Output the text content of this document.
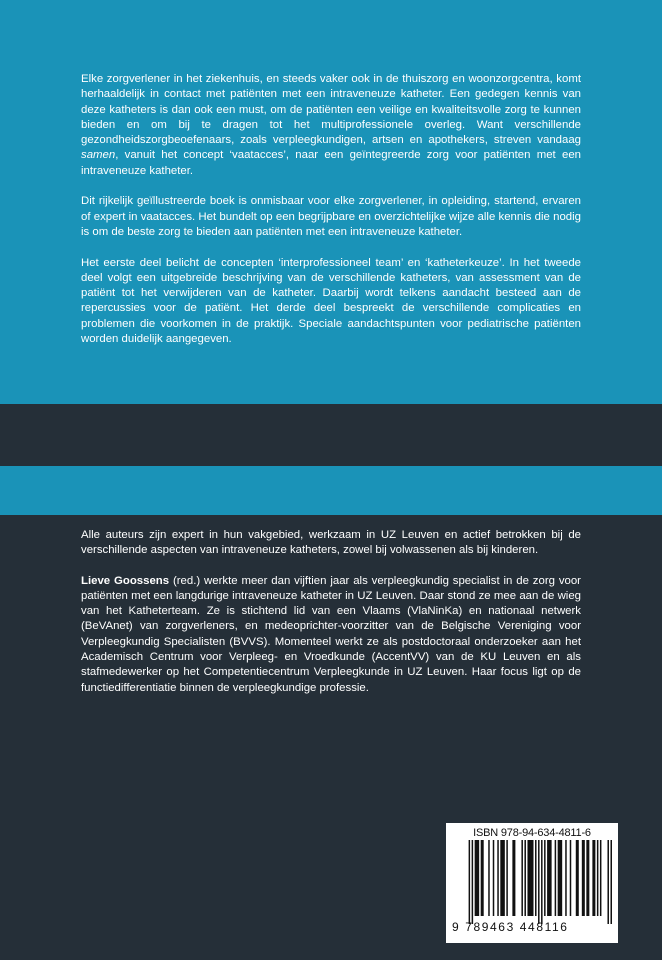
Elke zorgverlener in het ziekenhuis, en steeds vaker ook in de thuiszorg en woonzorgcentra, komt herhaaldelijk in contact met patiënten met een intraveneuze katheter. Een gedegen kennis van deze katheters is dan ook een must, om de patiënten een veilige en kwaliteitsvolle zorg te kunnen bieden en om bij te dragen tot het multiprofessionele overleg. Want verschillende gezondheidszorgbeoefenaars, zoals verpleegkundigen, artsen en apothekers, streven vandaag samen, vanuit het concept ‘vaatacces’, naar een geïntegreerde zorg voor patiënten met een intraveneuze katheter.

Dit rijkelijk geïllustreerde boek is onmisbaar voor elke zorgverlener, in opleiding, startend, ervaren of expert in vaatacces. Het bundelt op een begrijpbare en overzichtelijke wijze alle kennis die nodig is om de beste zorg te bieden aan patiënten met een intraveneuze katheter.

Het eerste deel belicht de concepten ‘interprofessioneel team’ en ‘katheterkeuze’. In het tweede deel volgt een uitgebreide beschrijving van de verschillende katheters, van assessment van de patiënt tot het verwijderen van de katheter. Daarbij wordt telkens aandacht besteed aan de repercussies voor de patiënt. Het derde deel bespreekt de verschillende complicaties en problemen die voorkomen in de praktijk. Speciale aandachtspunten voor pediatrische patiënten worden duidelijk aangegeven.

Alle auteurs zijn expert in hun vakgebied, werkzaam in UZ Leuven en actief betrokken bij de verschillende aspecten van intraveneuze katheters, zowel bij volwassenen als bij kinderen.

Lieve Goossens (red.) werkte meer dan vijftien jaar als verpleegkundig specialist in de zorg voor patiënten met een langdurige intraveneuze katheter in UZ Leuven. Daar stond ze mee aan de wieg van het Katheterteam. Ze is stichtend lid van een Vlaams (VlaNinKa) en nationaal netwerk (BeVAnet) van zorgverleners, en medeoprichter-voorzitter van de Belgische Vereniging voor Verpleegkundig Specialisten (BVVS). Momenteel werkt ze als postdoctoraal onderzoeker aan het Academisch Centrum voor Verpleeg- en Vroedkunde (AccentVV) van de KU Leuven en als stafmedewerker op het Competentiecentrum Verpleegkunde in UZ Leuven. Haar focus ligt op de functiedifferentiatie binnen de verpleegkundige professie.

ISBN 978-94-634-4811-6
9 789463 448116
